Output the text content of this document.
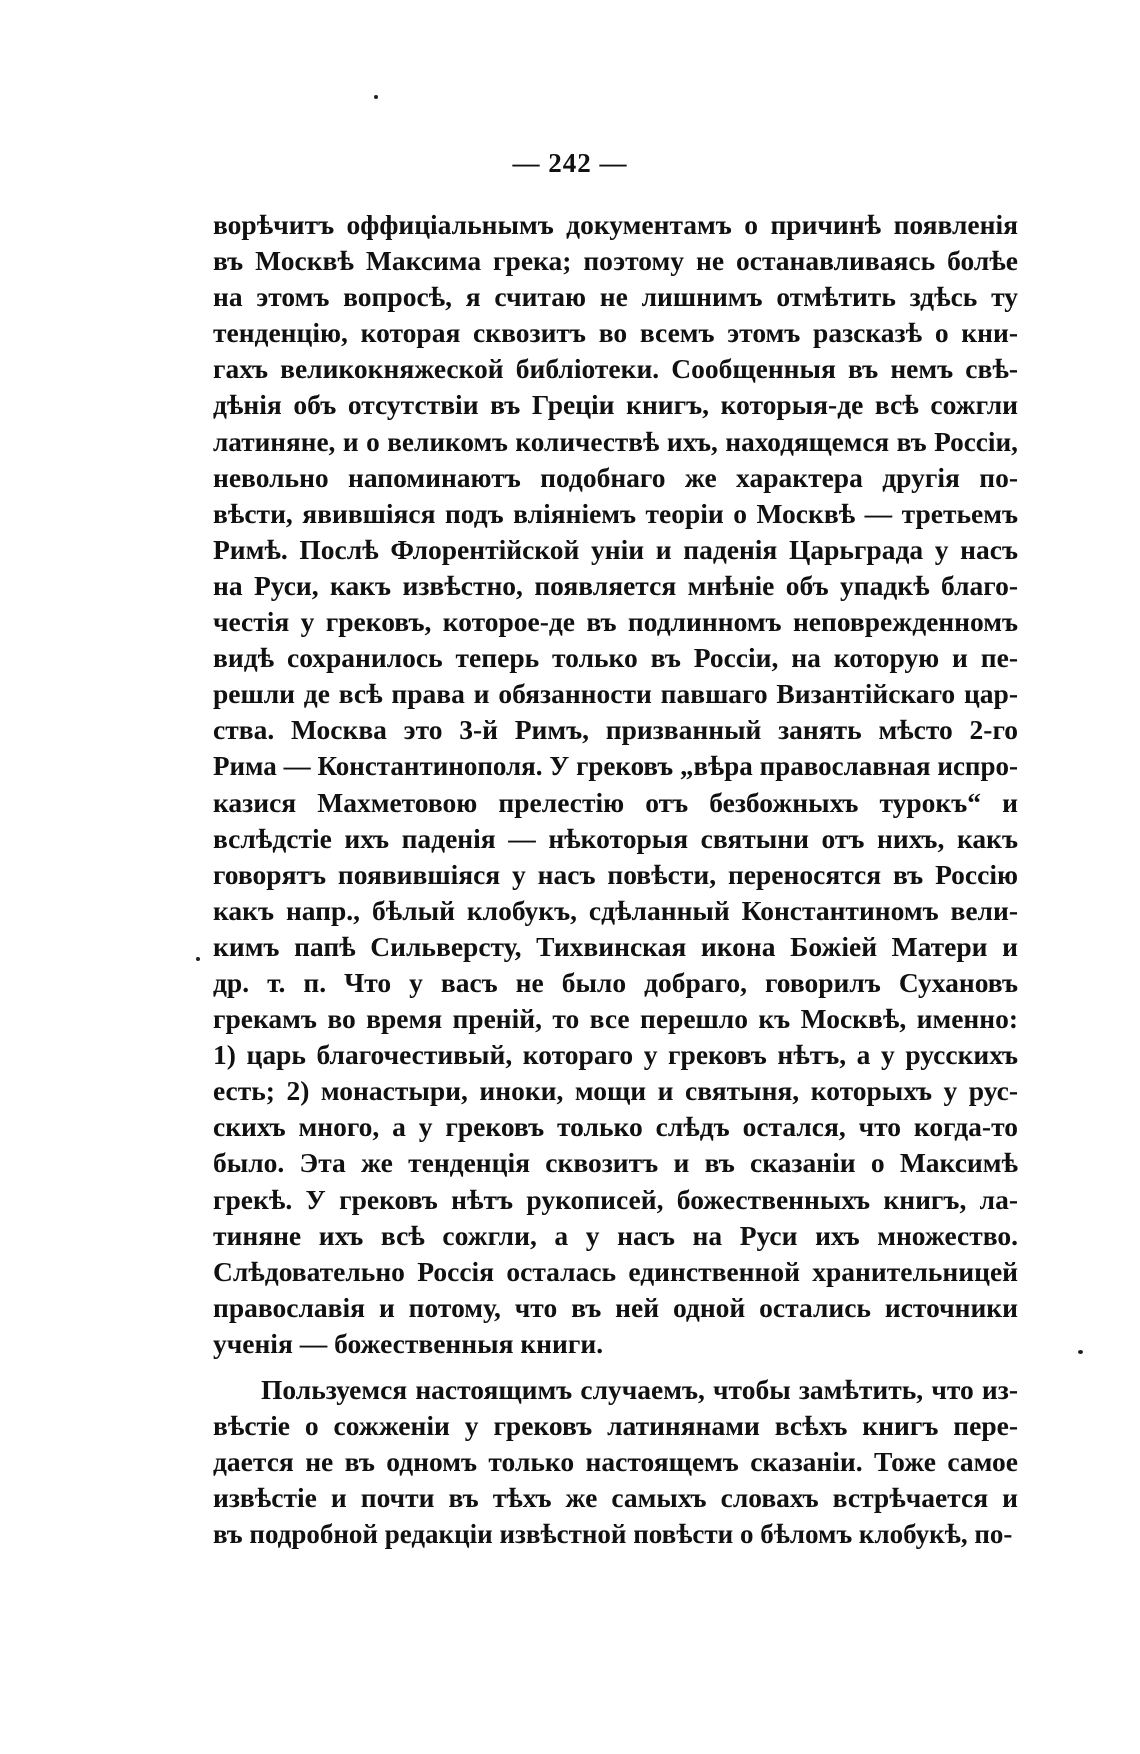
— 242 —
ворѣчитъ оффиціальнымъ документамъ о причинѣ появленія
въ Москвѣ Максима грека; поэтому не останавливаясь болѣе
на этомъ вопросѣ, я считаю не лишнимъ отмѣтить здѣсь ту
тенденцію, которая сквозитъ во всемъ этомъ разсказѣ о кни-
гахъ великокняжеской библіотеки. Сообщенныя въ немъ свѣ-
дѣнія объ отсутствіи въ Греціи книгъ, которыя-де всѣ сожгли
латиняне, и о великомъ количествѣ ихъ, находящемся въ Россіи,
невольно напоминаютъ подобнаго же характера другія по-
вѣсти, явившіяся подъ вліяніемъ теоріи о Москвѣ — третьемъ
Римѣ. Послѣ Флорентійской уніи и паденія Царьграда у насъ
на Руси, какъ извѣстно, появляется мнѣніе объ упадкѣ благо-
честія у грековъ, которое-де въ подлинномъ неповрежденномъ
видѣ сохранилось теперь только въ Россіи, на которую и пе-
решли де всѣ права и обязанности павшаго Византійскаго цар-
ства. Москва это 3-й Римъ, призванный занять мѣсто 2-го
Рима — Константинополя. У грековъ „вѣра православная испро-
казися Махметовою прелестію отъ безбожныхъ турокъ“ и
вслѣдстіе ихъ паденія — нѣкоторыя святыни отъ нихъ, какъ
говорятъ появившіяся у насъ повѣсти, переносятся въ Россію
какъ напр., бѣлый клобукъ, сдѣланный Константиномъ вели-
кимъ папѣ Сильверсту, Тихвинская икона Божіей Матери и
др. т. п. Что у васъ не было добраго, говорилъ Сухановъ
грекамъ во время преній, то все перешло къ Москвѣ, именно:
1) царь благочестивый, котораго у грековъ нѣтъ, а у русскихъ
есть; 2) монастыри, иноки, мощи и святыня, которыхъ у рус-
скихъ много, а у грековъ только слѣдъ остался, что когда-то
было. Эта же тенденція сквозитъ и въ сказаніи о Максимѣ
грекѣ. У грековъ нѣтъ рукописей, божественныхъ книгъ, ла-
тиняне ихъ всѣ сожгли, а у насъ на Руси ихъ множество.
Слѣдовательно Россія осталась единственной хранительницей
православія и потому, что въ ней одной остались источники
ученія — божественныя книги.
Пользуемся настоящимъ случаемъ, чтобы замѣтить, что из-
вѣстіе о сожженіи у грековъ латинянами всѣхъ книгъ пере-
дается не въ одномъ только настоящемъ сказаніи. Тоже самое
извѣстіе и почти въ тѣхъ же самыхъ словахъ встрѣчается и
въ подробной редакціи извѣстной повѣсти о бѣломъ клобукѣ, по-
